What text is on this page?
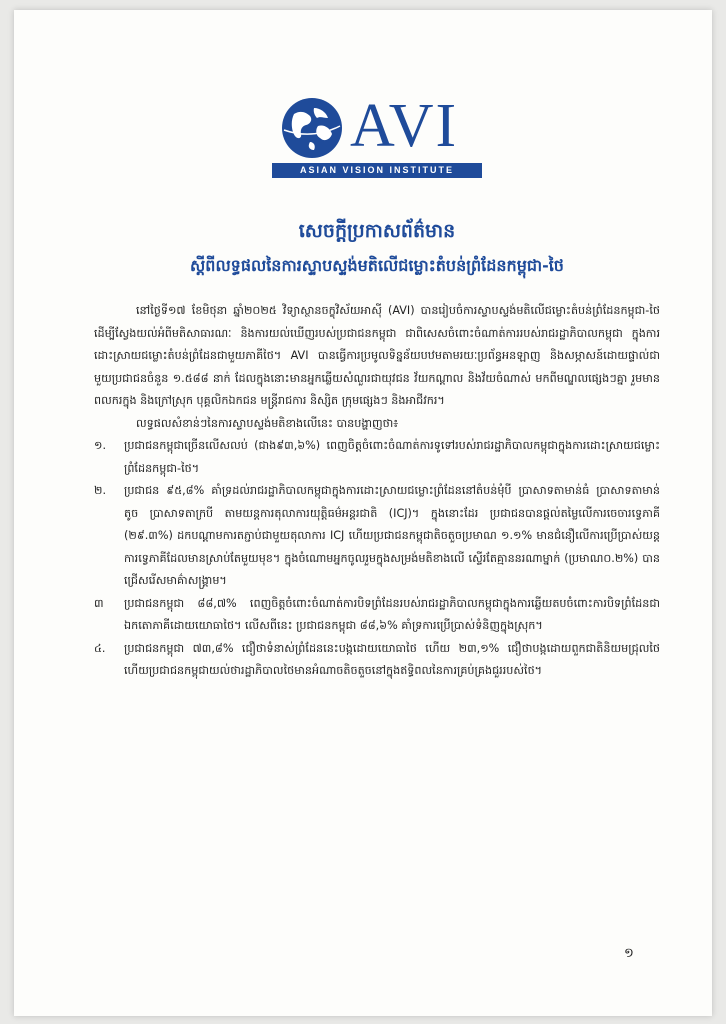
AVI
ASIAN VISION INSTITUTE
សេចក្តីប្រកាសព័ត៌មាន
ស្តីពីលទ្ធផលនៃការស្ទាបស្ទង់មតិលើជម្លោះតំបន់ព្រំដែនកម្ពុជា-ថៃ

នៅថ្ងៃទី១៧ ខែមិថុនា ឆ្នាំ២០២៥ វិទ្យាស្ថានចក្ខុវិស័យអាស៊ី (AVI) បានរៀបចំការស្ទាបស្ទង់មតិលើជម្លោះតំបន់ព្រំដែនកម្ពុជា-ថៃ ដើម្បីស្វែងយល់អំពីមតិសាធារណៈ និងការយល់ឃើញរបស់ប្រជាជនកម្ពុជា ជាពិសេសចំពោះចំណាត់ការរបស់រាជរដ្ឋាភិបាលកម្ពុជា ក្នុងការដោះស្រាយជម្លោះតំបន់ព្រំដែនជាមួយភាគីថៃ។ AVI បានធ្វើការប្រមូលទិន្នន័យបឋមតាមរយៈប្រព័ន្ធអនឡាញ និងសម្ភាសន៍ដោយផ្ទាល់ជាមួយប្រជាជនចំនួន ១.៥៨៨ នាក់ ដែលក្នុងនោះមានអ្នកឆ្លើយសំណួរជាយុវជន វ័យកណ្តាល និងវ័យចំណាស់ មកពីមណ្ឌលផ្សេងៗគ្នា រួមមានពលករក្នុង និងក្រៅស្រុក បុគ្គលិកឯកជន មន្ត្រីរាជការ និស្សិត ក្រុមផ្សេងៗ និងអាជីវករ។

លទ្ធផលសំខាន់ៗនៃការស្ទាបស្ទង់មតិខាងលើនេះ បានបង្ហាញថា៖

១.	ប្រជាជនកម្ពុជាច្រើនលើសលប់ (ជាង៩៣,៦%) ពេញចិត្តចំពោះចំណាត់ការទូទៅរបស់រាជរដ្ឋាភិបាលកម្ពុជាក្នុងការដោះស្រាយជម្លោះព្រំដែនកម្ពុជា-ថៃ។
២.	ប្រជាជន ៩៥,៨% គាំទ្រដល់រាជរដ្ឋាភិបាលកម្ពុជាក្នុងការដោះស្រាយជម្លោះព្រំដែននៅតំបន់មុំបី ប្រាសាទតាមាន់ធំ ប្រាសាទតាមាន់តូច ប្រាសាទតាក្របី តាមយន្តការតុលាការយុត្តិធម៌អន្តរជាតិ (ICJ)។ ក្នុងនោះដែរ ប្រជាជនបានផ្តល់តម្លៃលើការចេចារទ្វេភាគី (២៩.៣%) ដកបណ្តាមការតភ្ជាប់ជាមួយតុលាការ ICJ ហើយប្រជាជនកម្ពុជាតិចតួចប្រមាណ ១.១% មានជំនឿលើការប្រើប្រាស់យន្តការទ្វេភាគីដែលមានស្រាប់តែមួយមុខ។ ក្នុងចំណោមអ្នកចូលរួមក្នុងសម្រង់មតិខាងលើ ស្ទើរតែគ្មាននរណាម្នាក់ (ប្រមាណ០.២%) បានជ្រើសរើសមាគ៌ាសង្គ្រាម។
៣	ប្រជាជនកម្ពុជា ៨៨,៧% ពេញចិត្តចំពោះចំណាត់ការបិទព្រំដែនរបស់រាជរដ្ឋាភិបាលកម្ពុជាក្នុងការឆ្លើយតបចំពោះការបិទព្រំដែនជាឯកតោភាគីដោយយោធាថៃ។ លើសពីនេះ ប្រជាជនកម្ពុជា ៨៨,៦% គាំទ្រការប្រើប្រាស់ទំនិញក្នុងស្រុក។
៤.	ប្រជាជនកម្ពុជា ៧៣,៨% ជឿថាទំនាស់ព្រំដែននេះបង្កដោយយោធាថៃ ហើយ ២៣,១% ជឿថាបង្កដោយពួកជាតិនិយមជ្រុលថៃ ហើយប្រជាជនកម្ពុជាយល់ថារដ្ឋាភិបាលថៃមានអំណាចតិចតួចនៅក្នុងឥទ្ធិពលនៃការគ្រប់គ្រងជួររបស់ថៃ។
១
